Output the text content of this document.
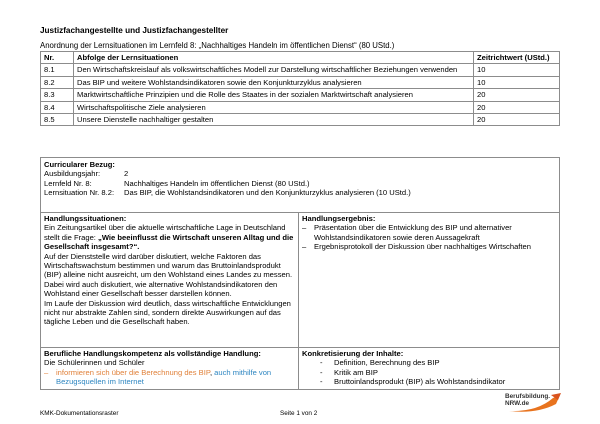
Justizfachangestellte und Justizfachangestellter
Anordnung der Lernsituationen im Lernfeld 8: „Nachhaltiges Handeln im öffentlichen Dienst“ (80 UStd.)
Nr.	Abfolge der Lernsituationen	Zeitrichtwert (UStd.)
8.1	Den Wirtschaftskreislauf als volkswirtschaftliches Modell zur Darstellung wirtschaftlicher Beziehungen verwenden	10
8.2	Das BIP und weitere Wohlstandsindikatoren sowie den Konjunkturzyklus analysieren	10
8.3	Marktwirtschaftliche Prinzipien und die Rolle des Staates in der sozialen Marktwirtschaft analysieren	20
8.4	Wirtschaftspolitische Ziele analysieren	20
8.5	Unsere Dienstelle nachhaltiger gestalten	20
Curricularer Bezug:
Ausbildungsjahr:	2
Lernfeld Nr. 8:	Nachhaltiges Handeln im öffentlichen Dienst (80 UStd.)
Lernsituation Nr. 8.2:	Das BIP, die Wohlstandsindikatoren und den Konjunkturzyklus analysieren (10 UStd.)
Handlungssituationen:
Ein Zeitungsartikel über die aktuelle wirtschaftliche Lage in Deutschland stellt die Frage: „Wie beeinflusst die Wirtschaft unseren Alltag und die Gesellschaft insgesamt?“.
Auf der Dienststelle wird darüber diskutiert, welche Faktoren das Wirtschaftswachstum bestimmen und warum das Bruttoinlandsprodukt (BIP) alleine nicht ausreicht, um den Wohlstand eines Landes zu messen. Dabei wird auch diskutiert, wie alternative Wohlstandsindikatoren den Wohlstand einer Gesellschaft besser darstellen können.
Im Laufe der Diskussion wird deutlich, dass wirtschaftliche Entwicklungen nicht nur abstrakte Zahlen sind, sondern direkte Auswirkungen auf das tägliche Leben und die Gesellschaft haben.
Handlungsergebnis:
–	Präsentation über die Entwicklung des BIP und alternativer Wohlstandsindikatoren sowie deren Aussagekraft
–	Ergebnisprotokoll der Diskussion über nachhaltiges Wirtschaften
Berufliche Handlungskompetenz als vollständige Handlung:
Die Schülerinnen und Schüler
–	informieren sich über die Berechnung des BIP, auch mithilfe von Bezugsquellen im Internet
Konkretisierung der Inhalte:
-	Definition, Berechnung des BIP
-	Kritik am BIP
-	Bruttoinlandsprodukt (BIP) als Wohlstandsindikator
KMK-Dokumentationsraster	Seite 1 von 2
Berufsbildung.
NRW.de
